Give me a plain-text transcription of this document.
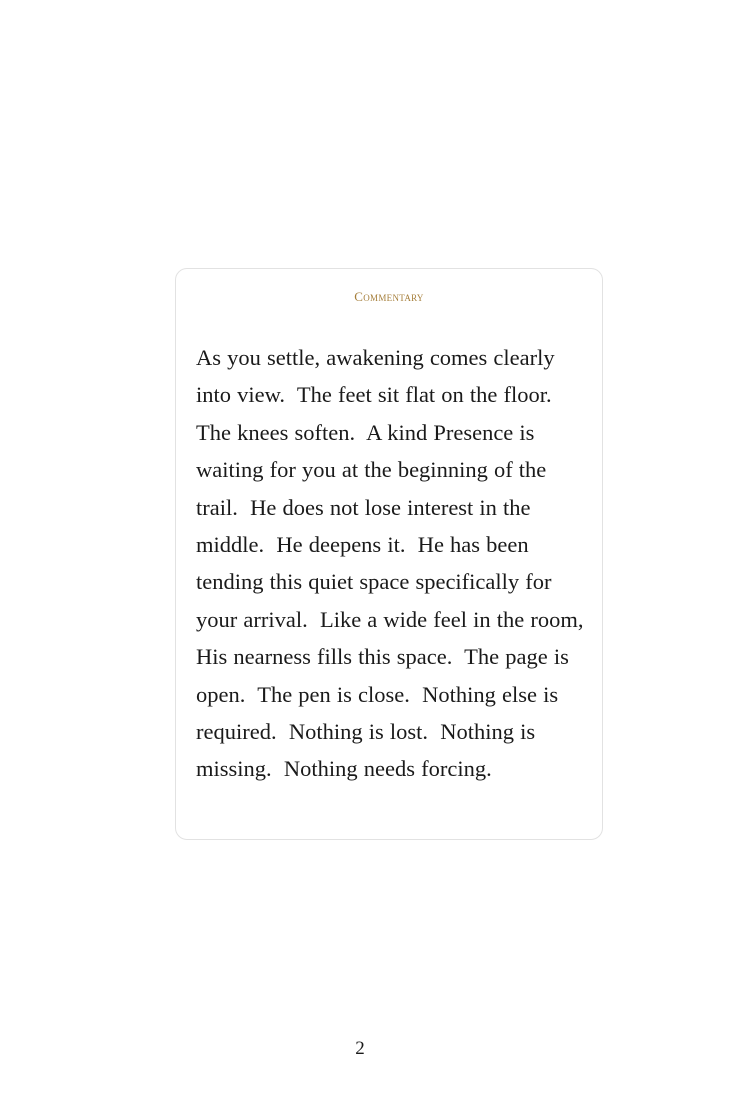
Commentary

As you settle, awakening comes clearly into view.  The feet sit flat on the floor.  The knees soften.  A kind Presence is waiting for you at the beginning of the trail.  He does not lose interest in the middle.  He deepens it.  He has been tending this quiet space specifically for your arrival.  Like a wide feel in the room, His nearness fills this space.  The page is open.  The pen is close.  Nothing else is required.  Nothing is lost.  Nothing is missing.  Nothing needs forcing.

2
